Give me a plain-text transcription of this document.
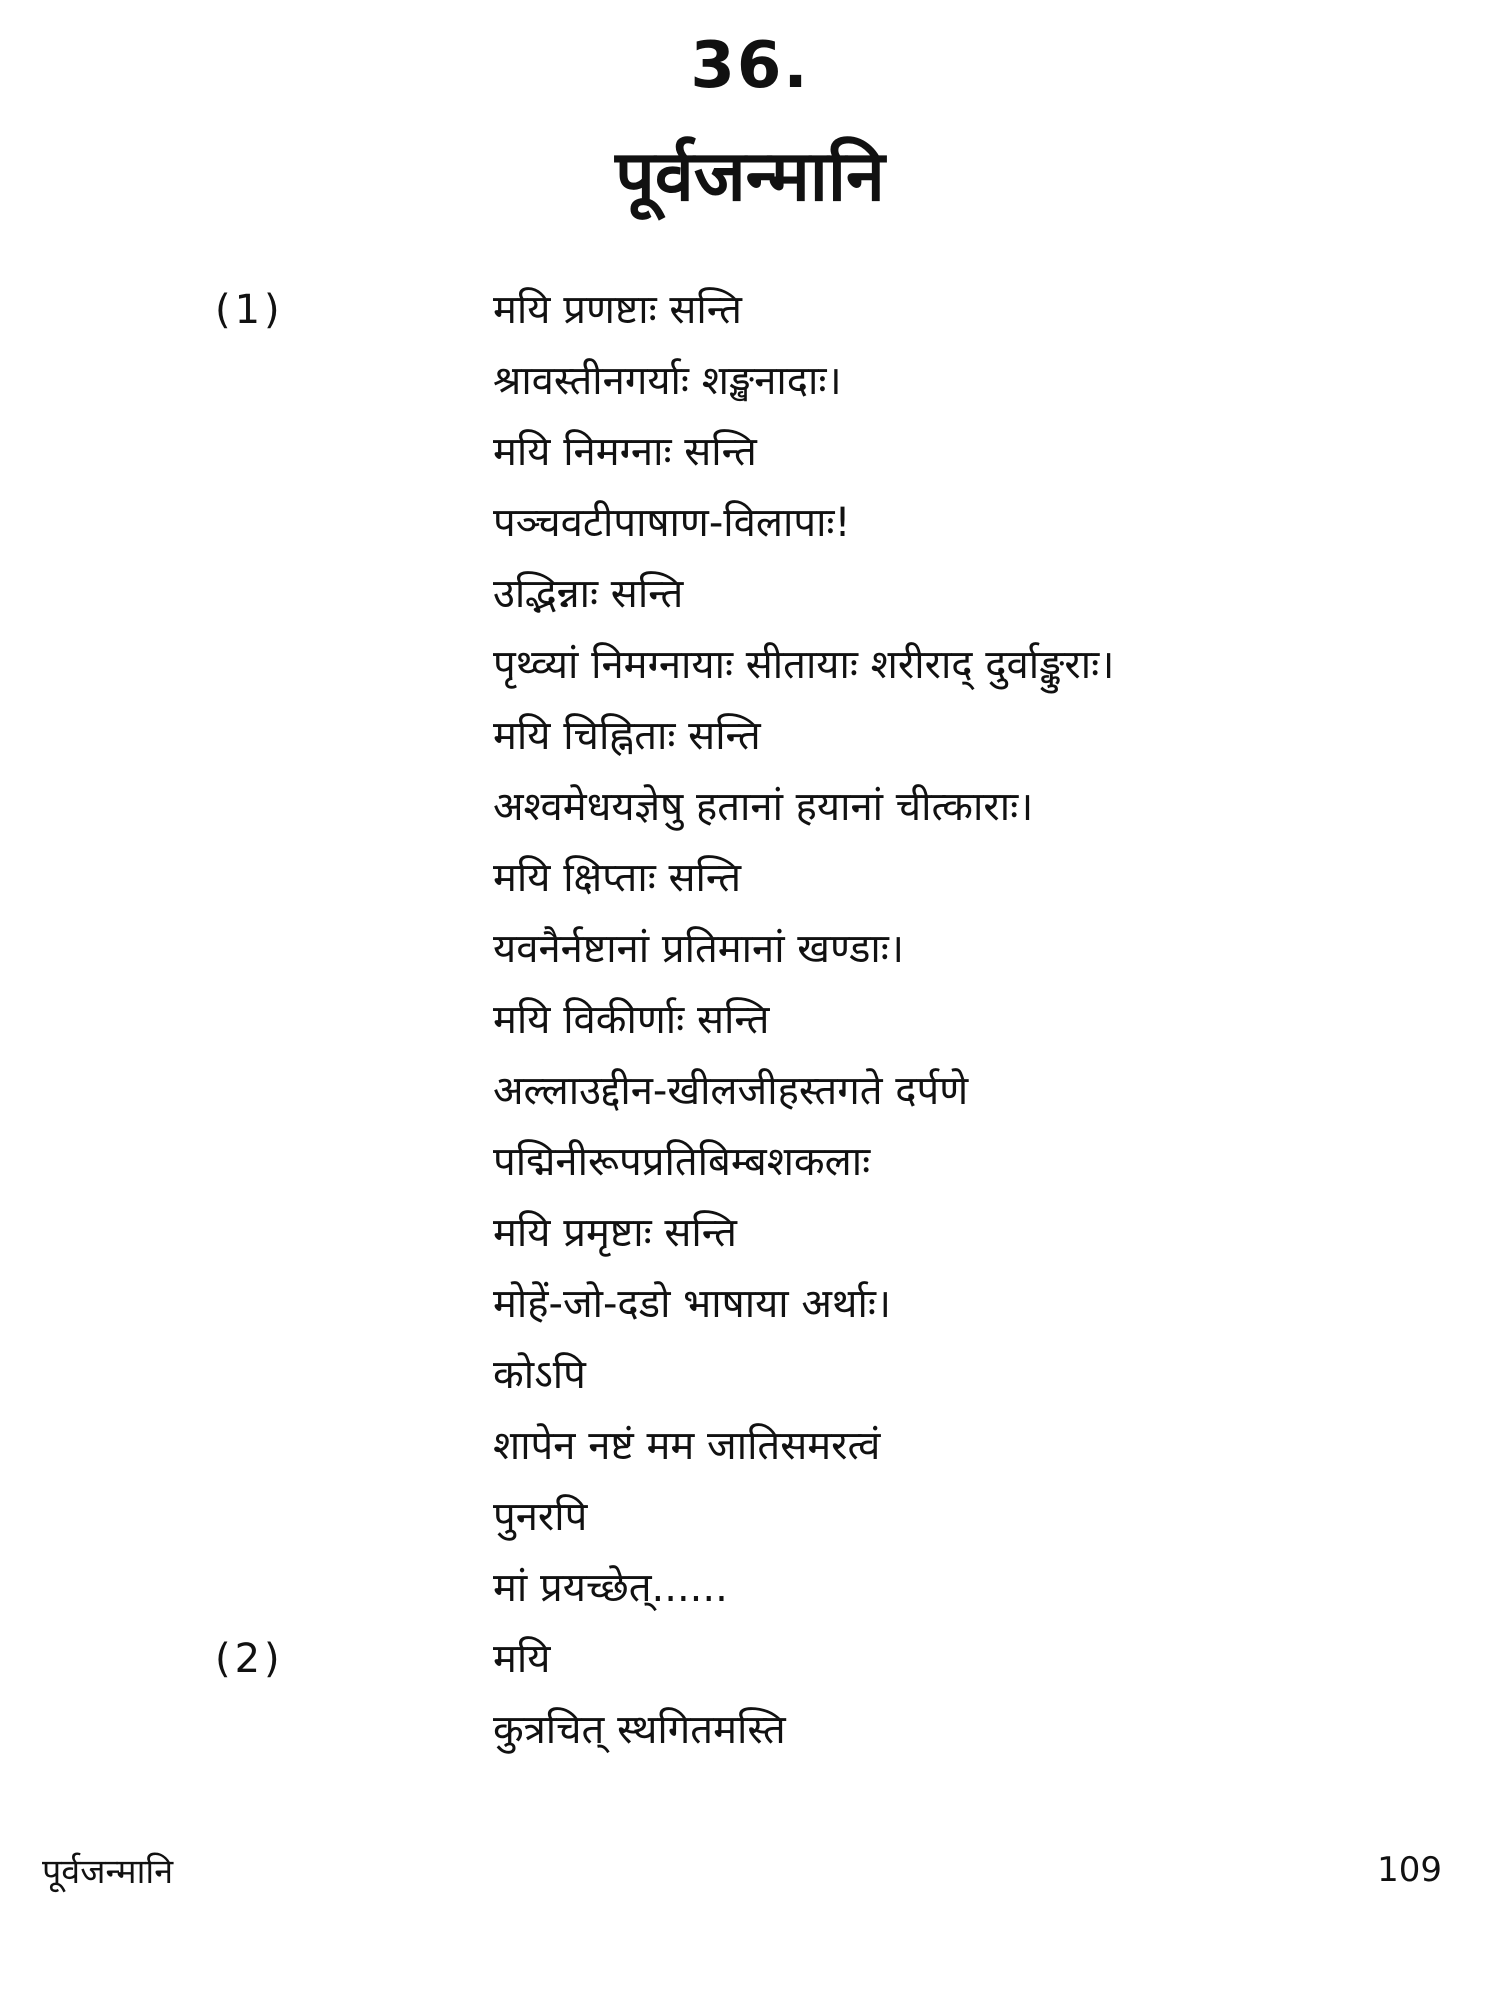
36.
पूर्वजन्मानि
(1)	मयि प्रणष्टाः सन्ति
श्रावस्तीनगर्याः शङ्खनादाः।
मयि निमग्नाः सन्ति
पञ्चवटीपाषाण-विलापाः!
उद्भिन्नाः सन्ति
पृथ्व्यां निमग्नायाः सीतायाः शरीराद् दुर्वाङ्कुराः।
मयि चिह्निताः सन्ति
अश्वमेधयज्ञेषु हतानां हयानां चीत्काराः।
मयि क्षिप्ताः सन्ति
यवनैर्नष्टानां प्रतिमानां खण्डाः।
मयि विकीर्णाः सन्ति
अल्लाउद्दीन-खीलजीहस्तगते दर्पणे
पद्मिनीरूपप्रतिबिम्बशकलाः
मयि प्रमृष्टाः सन्ति
मोहें-जो-दडो भाषाया अर्थाः।
कोऽपि
शापेन नष्टं मम जातिसमरत्वं
पुनरपि
मां प्रयच्छेत्......
(2)	मयि
कुत्रचित् स्थगितमस्ति
पूर्वजन्मानि	109
